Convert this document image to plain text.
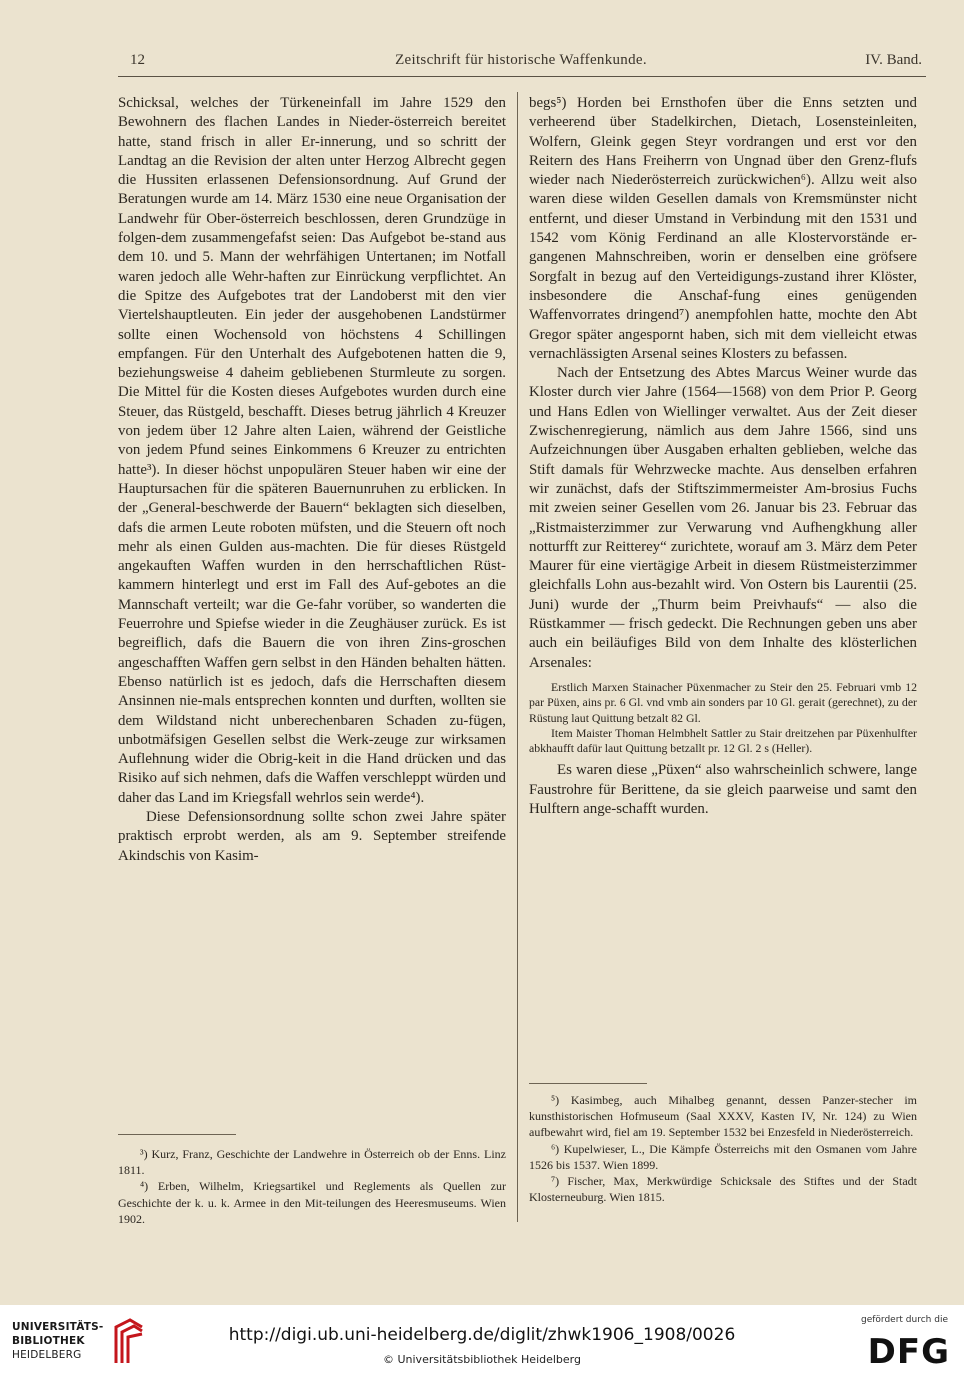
12	Zeitschrift für historische Waffenkunde.	IV. Band.

Schicksal, welches der Türkeneinfall im Jahre 1529 den Bewohnern des flachen Landes in Nieder-österreich bereitet hatte, stand frisch in aller Er-innerung, und so schritt der Landtag an die Revision der alten unter Herzog Albrecht gegen die Hussiten erlassenen Defensionsordnung. Auf Grund der Beratungen wurde am 14. März 1530 eine neue Organisation der Landwehr für Ober-österreich beschlossen, deren Grundzüge in folgen-dem zusammengefafst seien: Das Aufgebot be-stand aus dem 10. und 5. Mann der wehrfähigen Untertanen; im Notfall waren jedoch alle Wehr-haften zur Einrückung verpflichtet. An die Spitze des Aufgebotes trat der Landoberst mit den vier Viertelshauptleuten. Ein jeder der ausgehobenen Landstürmer sollte einen Wochensold von höchstens 4 Schillingen empfangen. Für den Unterhalt des Aufgebotenen hatten die 9, beziehungsweise 4 daheim gebliebenen Sturmleute zu sorgen. Die Mittel für die Kosten dieses Aufgebotes wurden durch eine Steuer, das Rüstgeld, beschafft. Dieses betrug jährlich 4 Kreuzer von jedem über 12 Jahre alten Laien, während der Geistliche von jedem Pfund seines Einkommens 6 Kreuzer zu entrichten hatte³). In dieser höchst unpopulären Steuer haben wir eine der Hauptursachen für die späteren Bauernunruhen zu erblicken. In der „General-beschwerde der Bauern“ beklagten sich dieselben, dafs die armen Leute roboten müfsten, und die Steuern oft noch mehr als einen Gulden aus-machten. Die für dieses Rüstgeld angekauften Waffen wurden in den herrschaftlichen Rüst-kammern hinterlegt und erst im Fall des Auf-gebotes an die Mannschaft verteilt; war die Ge-fahr vorüber, so wanderten die Feuerrohre und Spiefse wieder in die Zeughäuser zurück. Es ist begreiflich, dafs die Bauern die von ihren Zins-groschen angeschafften Waffen gern selbst in den Händen behalten hätten. Ebenso natürlich ist es jedoch, dafs die Herrschaften diesem Ansinnen nie-mals entsprechen konnten und durften, wollten sie dem Wildstand nicht unberechenbaren Schaden zu-fügen, unbotmäfsigen Gesellen selbst die Werk-zeuge zur wirksamen Auflehnung wider die Obrig-keit in die Hand drücken und das Risiko auf sich nehmen, dafs die Waffen verschleppt würden und daher das Land im Kriegsfall wehrlos sein werde⁴).

Diese Defensionsordnung sollte schon zwei Jahre später praktisch erprobt werden, als am 9. September streifende Akindschis von Kasim-

begs⁵) Horden bei Ernsthofen über die Enns setzten und verheerend über Stadelkirchen, Dietach, Losensteinleiten, Wolfern, Gleink gegen Steyr vordrangen und erst vor den Reitern des Hans Freiherrn von Ungnad über den Grenz-flufs wieder nach Niederösterreich zurückwichen⁶). Allzu weit also waren diese wilden Gesellen damals von Kremsmünster nicht entfernt, und dieser Umstand in Verbindung mit den 1531 und 1542 vom König Ferdinand an alle Klostervorstände er-gangenen Mahnschreiben, worin er denselben eine gröfsere Sorgfalt in bezug auf den Verteidigungs-zustand ihrer Klöster, insbesondere die Anschaf-fung eines genügenden Waffenvorrates dringend⁷) anempfohlen hatte, mochte den Abt Gregor später angespornt haben, sich mit dem vielleicht etwas vernachlässigten Arsenal seines Klosters zu befassen.

Nach der Entsetzung des Abtes Marcus Weiner wurde das Kloster durch vier Jahre (1564—1568) von dem Prior P. Georg und Hans Edlen von Wiellinger verwaltet. Aus der Zeit dieser Zwischenregierung, nämlich aus dem Jahre 1566, sind uns Aufzeichnungen über Ausgaben erhalten geblieben, welche das Stift damals für Wehrzwecke machte. Aus denselben erfahren wir zunächst, dafs der Stiftszimmermeister Am-brosius Fuchs mit zweien seiner Gesellen vom 26. Januar bis 23. Februar das „Ristmaisterzimmer zur Verwarung vnd Aufhengkhung aller notturfft zur Reitterey“ zurichtete, worauf am 3. März dem Peter Maurer für eine viertägige Arbeit in diesem Rüstmeisterzimmer gleichfalls Lohn aus-bezahlt wird. Von Ostern bis Laurentii (25. Juni) wurde der „Thurm beim Preivhaufs“ — also die Rüstkammer — frisch gedeckt. Die Rechnungen geben uns aber auch ein beiläufiges Bild von dem Inhalte des klösterlichen Arsenales:

Erstlich Marxen Stainacher Püxenmacher zu Steir den 25. Februari vmb 12 par Püxen, ains pr. 6 Gl. vnd vmb ain sonders par 10 Gl. gerait (gerechnet), zu der Rüstung laut Quittung betzalt 82 Gl.

Item Maister Thoman Helmbhelt Sattler zu Stair dreitzehen par Püxenhulfter abkhaufft dafür laut Quittung betzallt pr. 12 Gl. 2 s (Heller).

Es waren diese „Püxen“ also wahrscheinlich schwere, lange Faustrohre für Berittene, da sie gleich paarweise und samt den Hulftern ange-schafft wurden.

³) Kurz, Franz, Geschichte der Landwehre in Österreich ob der Enns. Linz 1811.

⁴) Erben, Wilhelm, Kriegsartikel und Reglements als Quellen zur Geschichte der k. u. k. Armee in den Mit-teilungen des Heeresmuseums. Wien 1902.

⁵) Kasimbeg, auch Mihalbeg genannt, dessen Panzer-stecher im kunsthistorischen Hofmuseum (Saal XXXV, Kasten IV, Nr. 124) zu Wien aufbewahrt wird, fiel am 19. September 1532 bei Enzesfeld in Niederösterreich.

⁶) Kupelwieser, L., Die Kämpfe Österreichs mit den Osmanen vom Jahre 1526 bis 1537. Wien 1899.

⁷) Fischer, Max, Merkwürdige Schicksale des Stiftes und der Stadt Klosterneuburg. Wien 1815.

UNIVERSITÄTS-
BIBLIOTHEK
HEIDELBERG
http://digi.ub.uni-heidelberg.de/diglit/zhwk1906_1908/0026
© Universitätsbibliothek Heidelberg
gefördert durch die
DFG
